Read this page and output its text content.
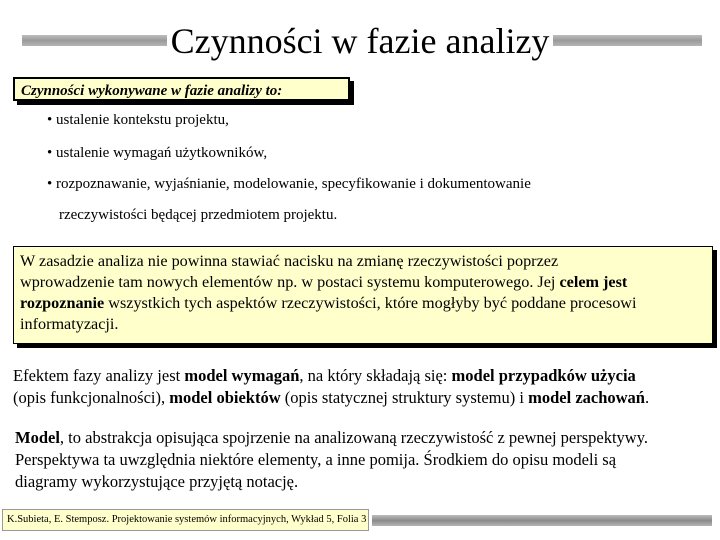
Czynności w fazie analizy
Czynności wykonywane w fazie analizy to:
• ustalenie kontekstu projektu,
• ustalenie wymagań użytkowników,
• rozpoznawanie, wyjaśnianie, modelowanie, specyfikowanie i dokumentowanie
rzeczywistości będącej przedmiotem projektu.
W zasadzie analiza nie powinna stawiać nacisku na zmianę rzeczywistości poprzez
wprowadzenie tam nowych elementów np. w postaci systemu komputerowego. Jej celem jest
rozpoznanie wszystkich tych aspektów rzeczywistości, które mogłyby być poddane procesowi
informatyzacji.
Efektem fazy analizy jest model wymagań, na który składają się: model przypadków użycia
(opis funkcjonalności), model obiektów (opis statycznej struktury systemu) i model zachowań.
Model, to abstrakcja opisująca spojrzenie na analizowaną rzeczywistość z pewnej perspektywy.
Perspektywa ta uwzględnia niektóre elementy, a inne pomija. Środkiem do opisu modeli są
diagramy wykorzystujące przyjętą notację.
K.Subieta, E. Stemposz. Projektowanie systemów informacyjnych, Wykład 5, Folia 3
